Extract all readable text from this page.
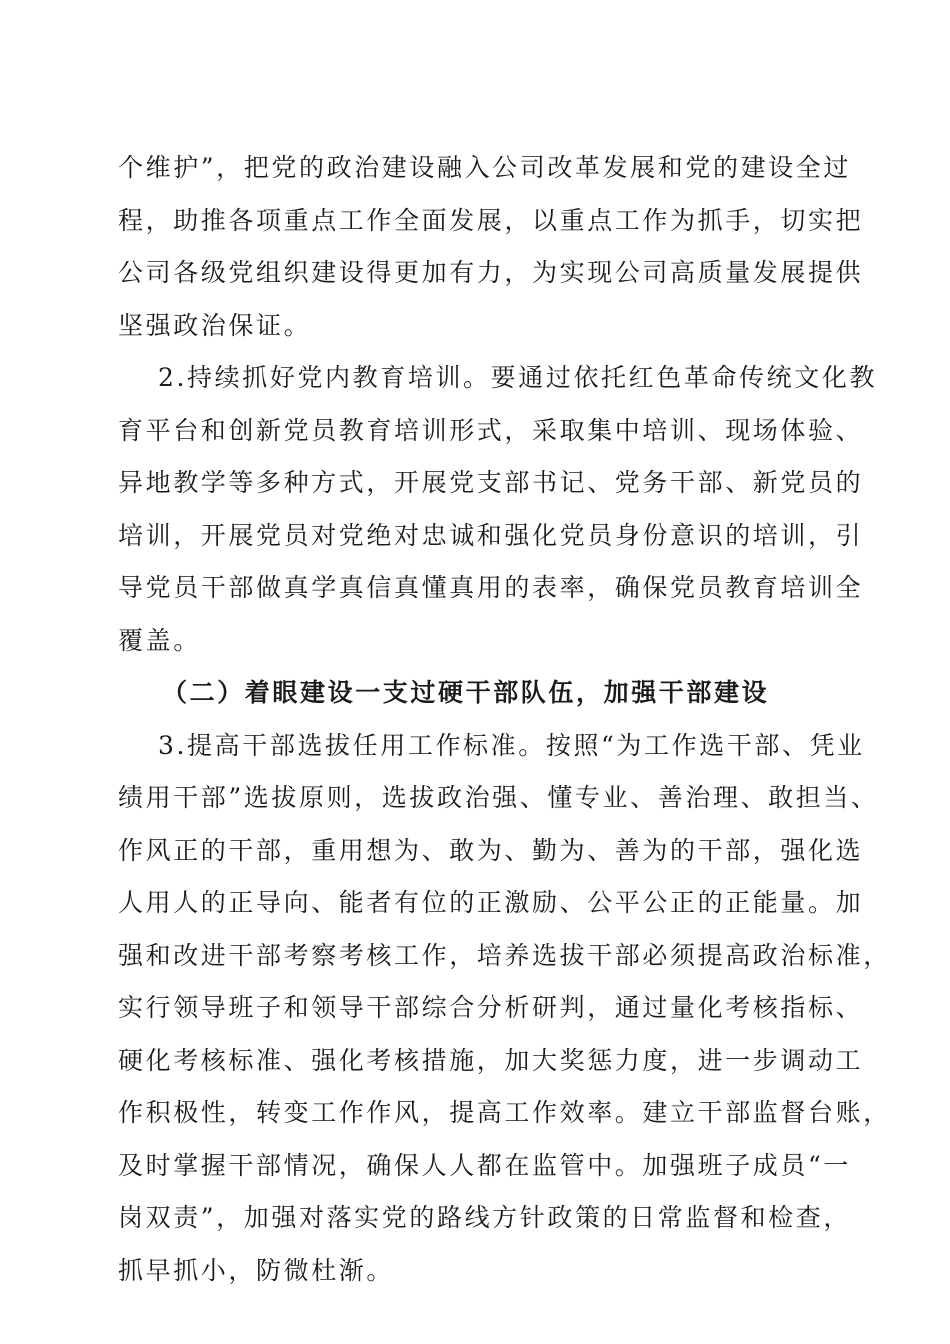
个维护”，把党的政治建设融入公司改革发展和党的建设全过
程，助推各项重点工作全面发展，以重点工作为抓手，切实把
公司各级党组织建设得更加有力，为实现公司高质量发展提供
坚强政治保证。
2.持续抓好党内教育培训。要通过依托红色革命传统文化教
育平台和创新党员教育培训形式，采取集中培训、现场体验、
异地教学等多种方式，开展党支部书记、党务干部、新党员的
培训，开展党员对党绝对忠诚和强化党员身份意识的培训，引
导党员干部做真学真信真懂真用的表率，确保党员教育培训全
覆盖。
（二）着眼建设一支过硬干部队伍，加强干部建设
3.提高干部选拔任用工作标准。按照“为工作选干部、凭业
绩用干部”选拔原则，选拔政治强、懂专业、善治理、敢担当、
作风正的干部，重用想为、敢为、勤为、善为的干部，强化选
人用人的正导向、能者有位的正激励、公平公正的正能量。加
强和改进干部考察考核工作，培养选拔干部必须提高政治标准，
实行领导班子和领导干部综合分析研判，通过量化考核指标、
硬化考核标准、强化考核措施，加大奖惩力度，进一步调动工
作积极性，转变工作作风，提高工作效率。建立干部监督台账，
及时掌握干部情况，确保人人都在监管中。加强班子成员“一
岗双责”，加强对落实党的路线方针政策的日常监督和检查，
抓早抓小，防微杜渐。
